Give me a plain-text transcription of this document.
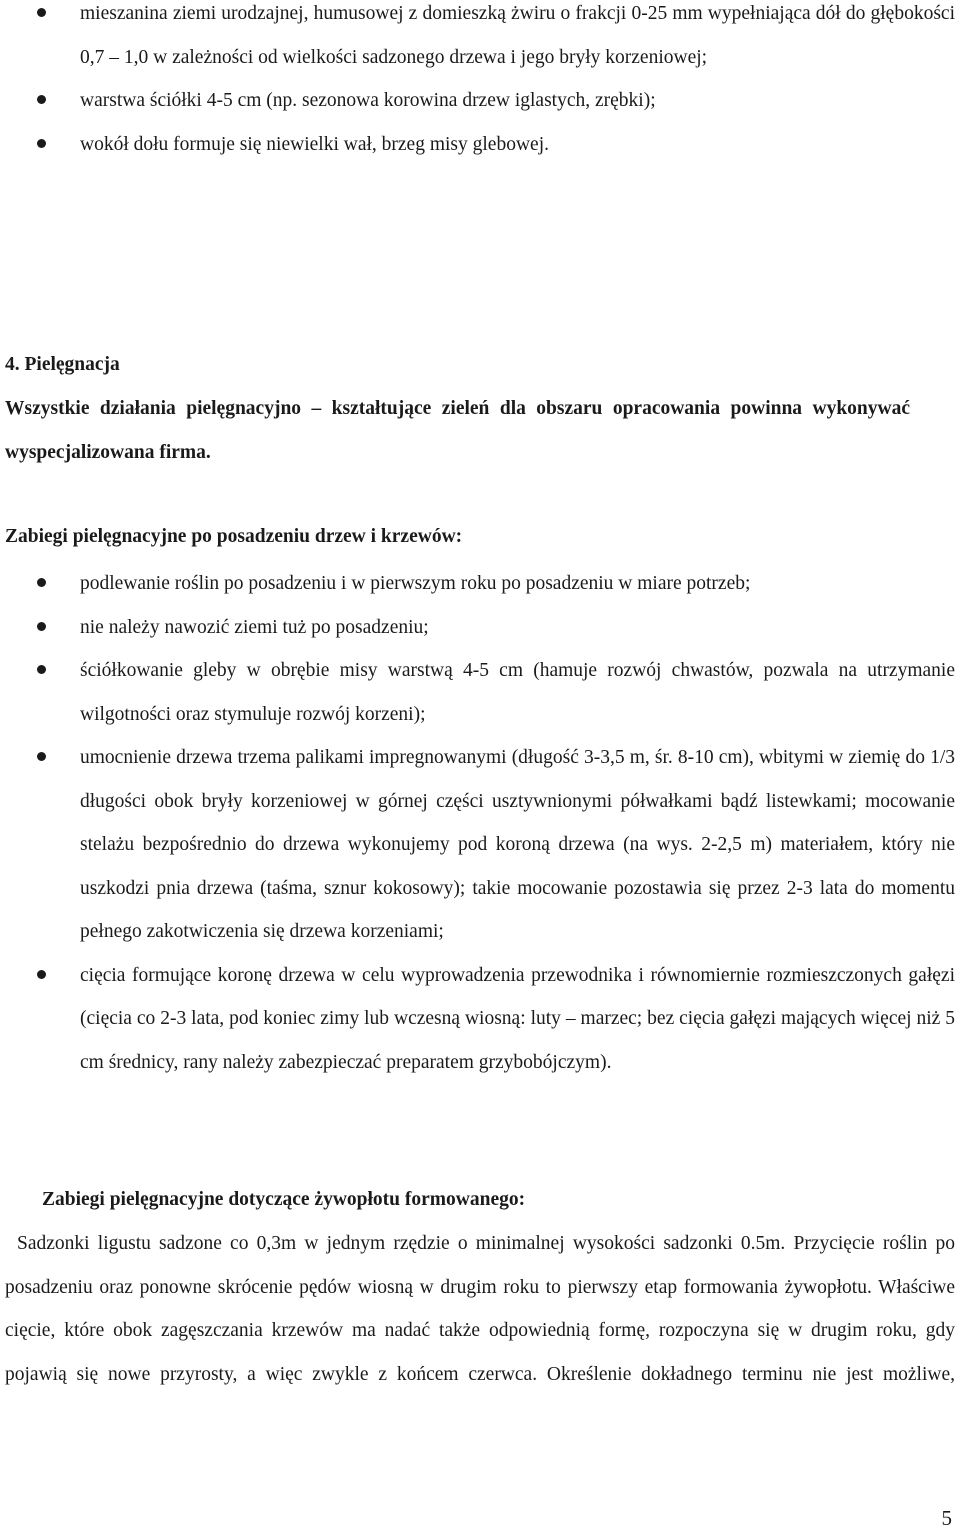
mieszanina ziemi urodzajnej, humusowej z domieszką żwiru o frakcji 0-25 mm wypełniająca dół do głębokości 0,7 – 1,0 w zależności od wielkości sadzonego drzewa i jego bryły korzeniowej;
warstwa ściółki 4-5 cm (np. sezonowa korowina drzew iglastych, zrębki);
wokół dołu formuje się niewielki wał, brzeg misy glebowej.
4. Pielęgnacja
Wszystkie działania pielęgnacyjno – kształtujące zieleń dla obszaru opracowania powinna wykonywać wyspecjalizowana firma.
Zabiegi pielęgnacyjne po posadzeniu drzew i krzewów:
podlewanie roślin po posadzeniu i w pierwszym roku po posadzeniu w miare potrzeb;
nie należy nawozić ziemi tuż po posadzeniu;
ściółkowanie gleby w obrębie misy warstwą 4-5 cm (hamuje rozwój chwastów, pozwala na utrzymanie wilgotności oraz stymuluje rozwój korzeni);
umocnienie drzewa trzema palikami impregnowanymi (długość 3-3,5 m, śr. 8-10 cm), wbitymi w ziemię do 1/3 długości obok bryły korzeniowej w górnej części usztywnionymi półwałkami bądź listewkami; mocowanie stelażu bezpośrednio do drzewa wykonujemy pod koroną drzewa (na wys. 2-2,5 m) materiałem, który nie uszkodzi pnia drzewa (taśma, sznur kokosowy); takie mocowanie pozostawia się przez 2-3 lata do momentu pełnego zakotwiczenia się drzewa korzeniami;
cięcia formujące koronę drzewa w celu wyprowadzenia przewodnika i równomiernie rozmieszczonych gałęzi (cięcia co 2-3 lata, pod koniec zimy lub wczesną wiosną: luty – marzec; bez cięcia gałęzi mających więcej niż 5 cm średnicy, rany należy zabezpieczać preparatem grzybobójczym).
Zabiegi pielęgnacyjne dotyczące żywopłotu formowanego:
Sadzonki ligustu sadzone co 0,3m w jednym rzędzie o minimalnej wysokości sadzonki 0.5m. Przycięcie roślin po posadzeniu oraz ponowne skrócenie pędów wiosną w drugim roku to pierwszy etap formowania żywopłotu. Właściwe cięcie, które obok zagęszczania krzewów ma nadać także odpowiednią formę, rozpoczyna się w drugim roku, gdy pojawią się nowe przyrosty, a więc zwykle z końcem czerwca. Określenie dokładnego terminu nie jest możliwe,
5
